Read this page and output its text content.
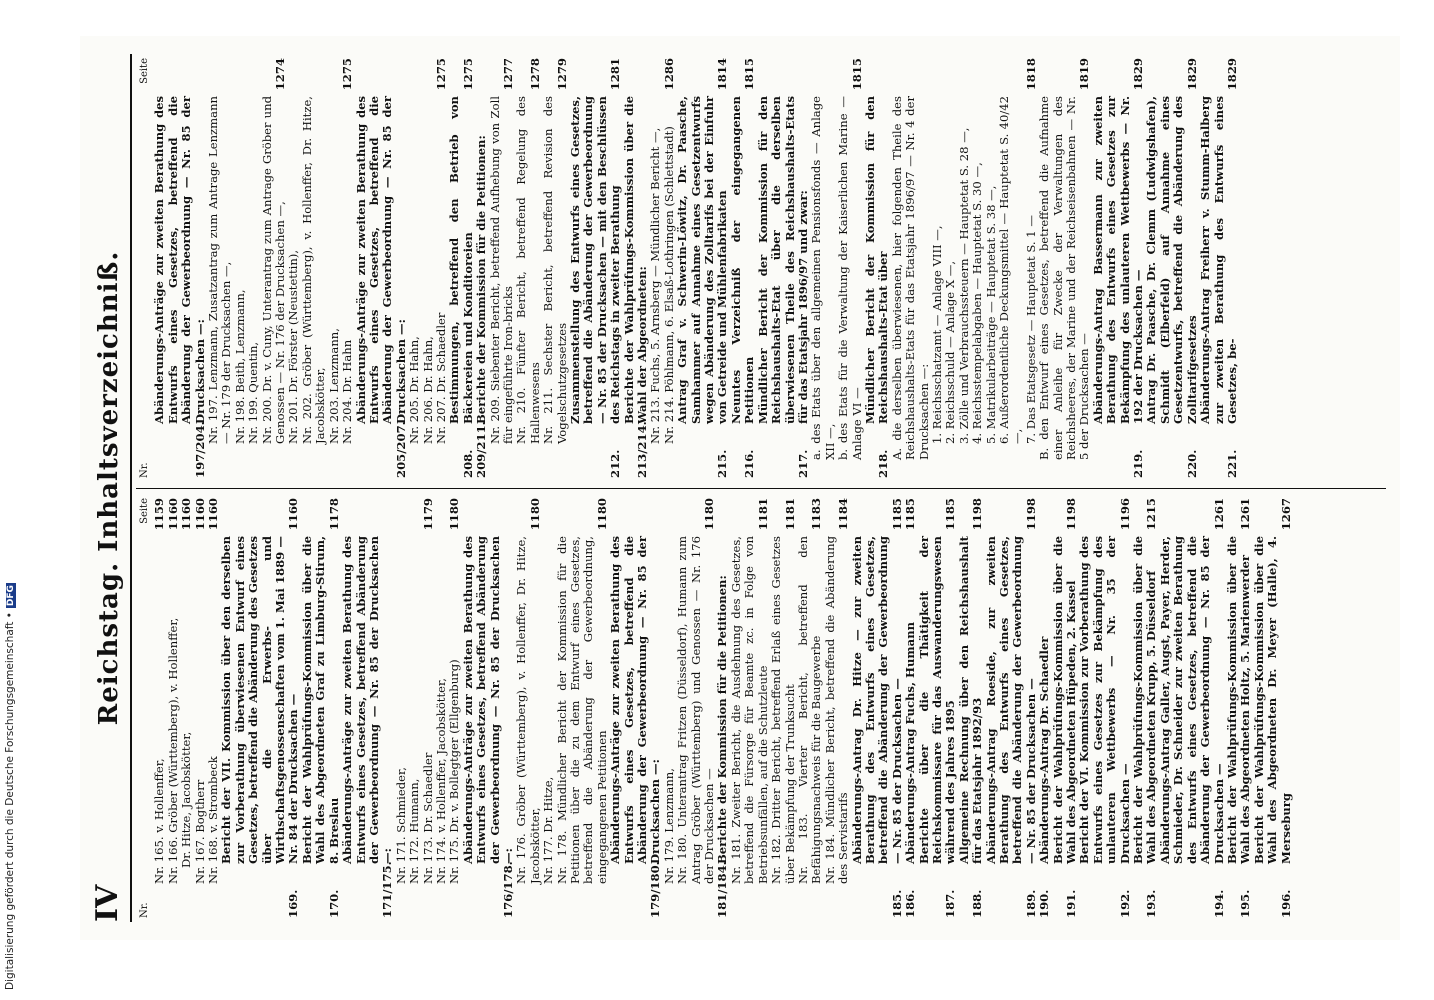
IV
Reichstag. Inhaltsverzeichniß.
Nr.
Seite
Nr. 165. v. Hollenffer,
1159
Nr. 166. Gröber (Württemberg), v. Hollenffer,
1160
Dr. Hitze, Jacobskötter,
1160
Nr. 167. Bogtherr
1160
Nr. 168. v. Strombeck
1160
169.
Bericht der VII. Kommission über den derselben zur Vorberathung überwiesenen Entwurf eines Gesetzes, betreffend die Abänderung des Gesetzes über die Erwerbs- und Wirthschaftsgenossenschaften vom 1. Mai 1889 — Nr. 84 der Drucksachen —
1160
170.
Bericht der Wahlprüfungs-Kommission über die Wahl des Abgeordneten Graf zu Limburg-Stirum, 8. Breslau
1178
171/175.
Abänderungs-Anträge zur zweiten Berathung des Entwurfs eines Gesetzes, betreffend Abänderung der Gewerbeordnung — Nr. 85 der Drucksachen —: Nr. 171. Schmieder, Nr. 172. Humann, Nr. 173. Dr. Schaedler
1179
Nr. 174. v. Hollenffer, Jacobskötter, Nr. 175. Dr. v. Bollegtger (Ellgenburg)
1180
176/178.
Abänderungs-Anträge zur zweiten Berathung des Entwurfs eines Gesetzes, betreffend Abänderung der Gewerbeordnung — Nr. 85 der Drucksachen —: Nr. 176. Gröber (Württemberg), v. Hollenffer, Dr. Hitze, Jacobskötter,
1180
Nr. 177. Dr. Hitze, Nr. 178. Mündlicher Bericht der Kommission für die Petitionen über die zu dem Entwurf eines Gesetzes, betreffend die Abänderung der Gewerbeordnung, eingegangenen Petitionen
1180
179/180.
Abänderungs-Anträge zur zweiten Berathung des Entwurfs eines Gesetzes, betreffend die Abänderung der Gewerbeordnung — Nr. 85 der Drucksachen —: Nr. 179. Lenzmann, Nr. 180. Unterantrag Fritzen (Düsseldorf), Humann zum Antrag Gröber (Württemberg) und Genossen — Nr. 176 der Drucksachen —
1180
181/184.
Berichte der Kommission für die Petitionen: Nr. 181. Zweiter Bericht, die Ausdehnung des Gesetzes, betreffend die Fürsorge für Beamte zc. in Folge von Betriebsunfällen, auf die Schutzleute
1181
Nr. 182. Dritter Bericht, betreffend Erlaß eines Gesetzes über Bekämpfung der Trunksucht
1181
Nr. 183. Vierter Bericht, betreffend den Befähigungsnachweis für die Baugewerbe
1183
Nr. 184. Mündlicher Bericht, betreffend die Abänderung des Servistarifs
1184
185.
Abänderungs-Antrag Dr. Hitze — zur zweiten Berathung des Entwurfs eines Gesetzes, betreffend die Abänderung der Gewerbeordnung — Nr. 85 der Drucksachen —
1185
186.
Abänderungs-Antrag Fuchs, Humann
1185
187.
Berichte über die Thätigkeit der Reichskommissare für das Auswanderungswesen während des Jahres 1895
1185
188.
Allgemeine Rechnung über den Reichshaushalt für das Etatsjahr 1892/93
1198
189.
Abänderungs-Antrag Roeside, zur zweiten Berathung des Entwurfs eines Gesetzes, betreffend die Abänderung der Gewerbeordnung — Nr. 85 der Drucksachen —
1198
190.
Abänderungs-Antrag Dr. Schaedler
191.
Bericht der Wahlprüfungs-Kommission über die Wahl des Abgeordneten Hüpeden, 2. Kassel
1198
192.
Bericht der VI. Kommission zur Vorberathung des Entwurfs eines Gesetzes zur Bekämpfung des unlauteren Wettbewerbs — Nr. 35 der Drucksachen —
1196
193.
Bericht der Wahlprüfungs-Kommission über die Wahl des Abgeordneten Krupp, 5. Düsseldorf
1215
194.
Abänderungs-Antrag Galler, Augst, Payer, Herder, Schmieder, Dr. Schneider zur zweiten Berathung des Entwurfs eines Gesetzes, betreffend die Abänderung der Gewerbeordnung — Nr. 85 der Drucksachen —
1261
195.
Bericht der Wahlprüfungs-Kommission über die Wahl des Abgeordneten Holtz, 5. Marienwerder
1261
196.
Bericht der Wahlprüfungs-Kommission über die Wahl des Abgeordneten Dr. Meyer (Halle), 4. Merseburg
1267
Nr.
Seite
197/204.
Abänderungs-Anträge zur zweiten Berathung des Entwurfs eines Gesetzes, betreffend die Abänderung der Gewerbeordnung — Nr. 85 der Drucksachen —: Nr. 197. Lenzmann, Zusatzantrag zum Antrage Lenzmann — Nr. 179 der Drucksachen —, Nr. 198. Beith, Lenzmann, Nr. 199. Quentin, Nr. 200. Dr. v. Cuny, Unterantrag zum Antrage Gröber und Genossen — Nr. 176 der Drucksachen —,
1274
Nr. 201. Dr. Förster (Neustettin), Nr. 202. Gröber (Württemberg), v. Hollenffer, Dr. Hitze, Jacobskötter, Nr. 203. Lenzmann, Nr. 204. Dr. Hahn
1275
205/207.
Abänderungs-Anträge zur zweiten Berathung des Entwurfs eines Gesetzes, betreffend die Abänderung der Gewerbeordnung — Nr. 85 der Drucksachen —: Nr. 205. Dr. Hahn, Nr. 206. Dr. Hahn, Nr. 207. Dr. Schaedler
1275
208.
Bestimmungen, betreffend den Betrieb von Bäckereien und Konditoreien
1275
209/211.
Berichte der Kommission für die Petitionen: Nr. 209. Siebenter Bericht, betreffend Aufhebung von Zoll für eingeführte Iron-bricks
1277
Nr. 210. Fünfter Bericht, betreffend Regelung des Hallenwesens
1278
Nr. 211. Sechster Bericht, betreffend Revision des Vogelschutzgesetzes
1279
212.
Zusammenstellung des Entwurfs eines Gesetzes, betreffend die Abänderung der Gewerbeordnung — Nr. 85 der Drucksachen — mit den Beschlüssen des Reichstags in zweiter Berathung
1281
213/214.
Berichte der Wahlprüfungs-Kommission über die Wahl der Abgeordneten: Nr. 213. Fuchs, 5. Arnsberg — Mündlicher Bericht —, Nr. 214. Pöhlmann, 6. Elsaß-Lothringen (Schlettstadt)
1286
215.
Antrag Graf v. Schwerin-Löwitz, Dr. Paasche, Samhammer auf Annahme eines Gesetzentwurfs wegen Abänderung des Zolltarifs bei der Einfuhr von Getreide und Mühlenfabrikaten
1814
216.
Neuntes Verzeichniß der eingegangenen Petitionen
1815
217.
Mündlicher Bericht der Kommission für den Reichshaushalts-Etat über die derselben überwiesenen Theile des Reichshaushalts-Etats für das Etatsjahr 1896/97 und zwar: a. des Etats über den allgemeinen Pensionsfonds — Anlage XII —, b. des Etats für die Verwaltung der Kaiserlichen Marine — Anlage VI —
1815
218.
Mündlicher Bericht der Kommission für den Reichshaushalts-Etat über A. die derselben überwiesenen, hier folgenden Theile des Reichshaushalts-Etats für das Etatsjahr 1896/97 — Nr. 4 der Drucksachen —: 1. Reichsschatzamt — Anlage VIII —, 2. Reichsschuld — Anlage X —, 3. Zölle und Verbrauchssteuern — Hauptetat S. 28 —, 4. Reichsstempelabgaben — Hauptetat S. 30 —, 5. Matrikularbeiträge — Hauptetat S. 38 —, 6. Außerordentliche Deckungsmittel — Hauptetat S. 40/42 —, 7. Das Etatsgesetz — Hauptetat S. 1 —
1818
B. den Entwurf eines Gesetzes, betreffend die Aufnahme einer Anleihe für Zwecke der Verwaltungen des Reichsheeres, der Marine und der Reichseisenbahnen — Nr. 5 der Drucksachen —
1819
219.
Abänderungs-Antrag Bassermann zur zweiten Berathung des Entwurfs eines Gesetzes zur Bekämpfung des unlauteren Wettbewerbs — Nr. 192 der Drucksachen —
1829
220.
Antrag Dr. Paasche, Dr. Clemm (Ludwigshafen), Schmidt (Elberfeld) auf Annahme eines Gesetzentwurfs, betreffend die Abänderung des Zolltarifgesetzes
1829
221.
Abänderungs-Antrag Freiherr v. Stumm-Halberg zur zweiten Berathung des Entwurfs eines Gesetzes, be-
1829
Digitalisierung gefördert durch die Deutsche Forschungsgemeinschaft •DFG
